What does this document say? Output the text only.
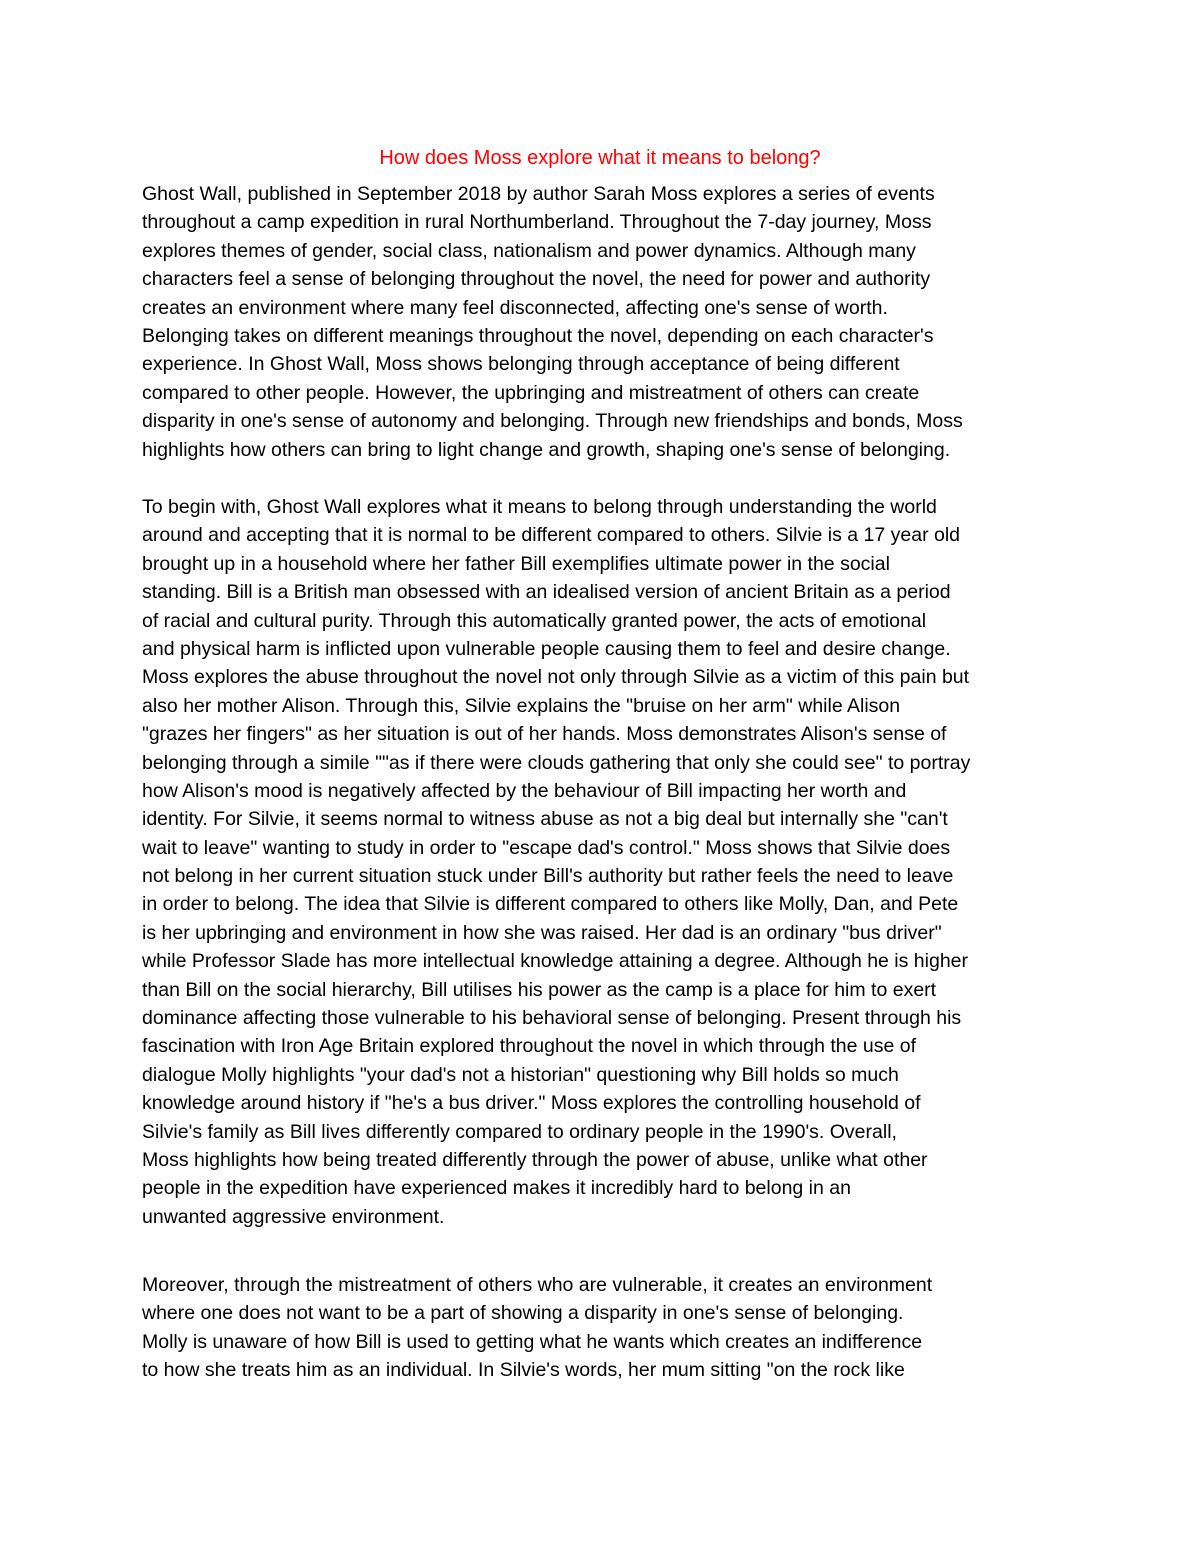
How does Moss explore what it means to belong?
Ghost Wall, published in September 2018 by author Sarah Moss explores a series of events
throughout a camp expedition in rural Northumberland. Throughout the 7-day journey, Moss
explores themes of gender, social class, nationalism and power dynamics. Although many
characters feel a sense of belonging throughout the novel, the need for power and authority
creates an environment where many feel disconnected, affecting one's sense of worth.
Belonging takes on different meanings throughout the novel, depending on each character's
experience. In Ghost Wall, Moss shows belonging through acceptance of being different
compared to other people. However, the upbringing and mistreatment of others can create
disparity in one's sense of autonomy and belonging. Through new friendships and bonds, Moss
highlights how others can bring to light change and growth, shaping one's sense of belonging.
To begin with, Ghost Wall explores what it means to belong through understanding the world
around and accepting that it is normal to be different compared to others. Silvie is a 17 year old
brought up in a household where her father Bill exemplifies ultimate power in the social
standing. Bill is a British man obsessed with an idealised version of ancient Britain as a period
of racial and cultural purity. Through this automatically granted power, the acts of emotional
and physical harm is inflicted upon vulnerable people causing them to feel and desire change.
Moss explores the abuse throughout the novel not only through Silvie as a victim of this pain but
also her mother Alison. Through this, Silvie explains the "bruise on her arm" while Alison
"grazes her fingers" as her situation is out of her hands. Moss demonstrates Alison's sense of
belonging through a simile ""as if there were clouds gathering that only she could see" to portray
how Alison's mood is negatively affected by the behaviour of Bill impacting her worth and
identity. For Silvie, it seems normal to witness abuse as not a big deal but internally she "can't
wait to leave" wanting to study in order to "escape dad's control." Moss shows that Silvie does
not belong in her current situation stuck under Bill's authority but rather feels the need to leave
in order to belong. The idea that Silvie is different compared to others like Molly, Dan, and Pete
is her upbringing and environment in how she was raised. Her dad is an ordinary "bus driver"
while Professor Slade has more intellectual knowledge attaining a degree. Although he is higher
than Bill on the social hierarchy, Bill utilises his power as the camp is a place for him to exert
dominance affecting those vulnerable to his behavioral sense of belonging. Present through his
fascination with Iron Age Britain explored throughout the novel in which through the use of
dialogue Molly highlights "your dad's not a historian" questioning why Bill holds so much
knowledge around history if "he's a bus driver." Moss explores the controlling household of
Silvie's family as Bill lives differently compared to ordinary people in the 1990's. Overall,
Moss highlights how being treated differently through the power of abuse, unlike what other
people in the expedition have experienced makes it incredibly hard to belong in an
unwanted aggressive environment.
Moreover, through the mistreatment of others who are vulnerable, it creates an environment
where one does not want to be a part of showing a disparity in one's sense of belonging.
Molly is unaware of how Bill is used to getting what he wants which creates an indifference
to how she treats him as an individual. In Silvie's words, her mum sitting "on the rock like
